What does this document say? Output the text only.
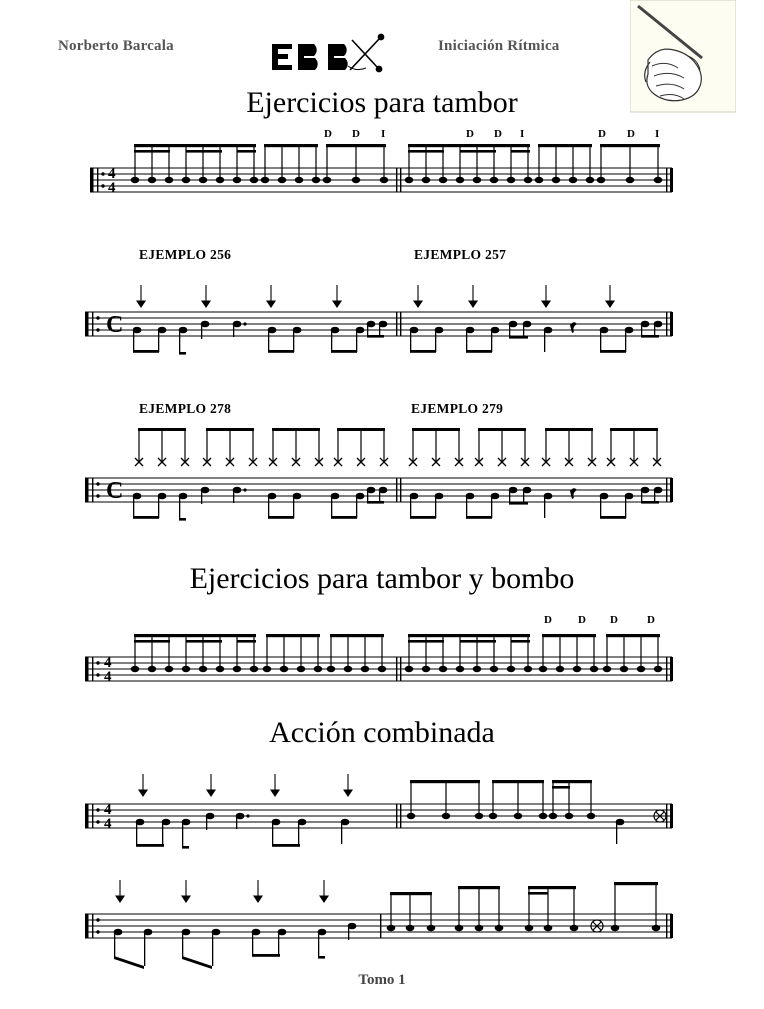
Norberto Barcala	Iniciación Rítmica
Ejercicios para tambor
4
4
D D I	D D I	D D I
EJEMPLO 256	EJEMPLO 257
C
EJEMPLO 278	EJEMPLO 279
C
Ejercicios para tambor y bombo
4
4
D D D	D
Acción combinada
4
4
Tomo 1
